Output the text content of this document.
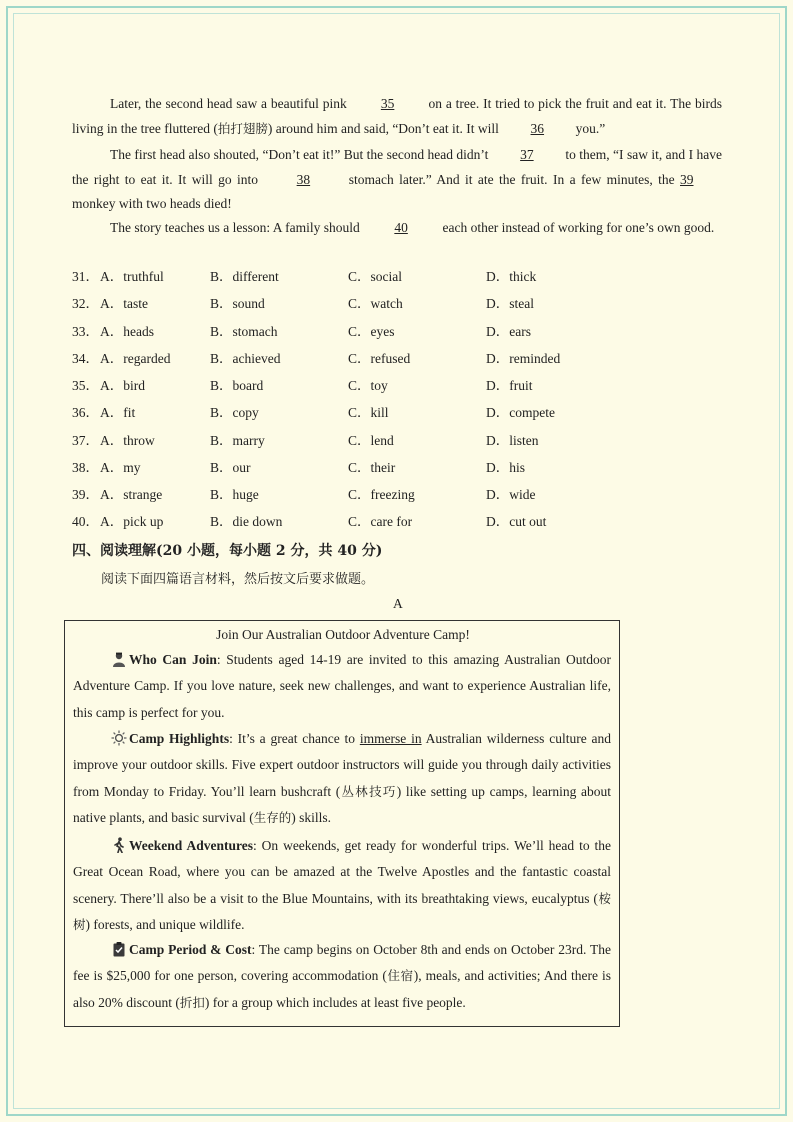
Later, the second head saw a beautiful pink	35	on a tree. It tried to pick the fruit and eat it. The birds living in the tree fluttered (拍打翅膀) around him and said, “Don’t eat it. It will 36 you.”
The first head also shouted, “Don’t eat it!” But the second head didn’t 37 to them, “I saw it, and I have the right to eat it. It will go into	38	stomach later.” And it ate the fruit. In a few minutes, the 39 monkey with two heads died!
The story teaches us a lesson: A family should	40	each other instead of working for one’s own good.
31． A．truthful	B．different	C．social	D．thick
32． A．taste	B．sound	C．watch	D．steal
33． A．heads	B．stomach	C．eyes	D．ears
34． A．regarded	B．achieved	C．refused	D．reminded
35． A．bird	B．board	C．toy	D．fruit
36． A．fit	B．copy	C．kill	D．compete
37． A．throw	B．marry	C．lend	D．listen
38． A．my	B．our	C．their	D．his
39． A．strange	B．huge	C．freezing	D．wide
40． A．pick up	B．die down	C．care for	D．cut out
四、阅读理解(20 小题，每小题 2 分，共 40 分)
阅读下面四篇语言材料，然后按文后要求做题。
A
Join Our Australian Outdoor Adventure Camp!
Who Can Join: Students aged 14-19 are invited to this amazing Australian Outdoor Adventure Camp. If you love nature, seek new challenges, and want to experience Australian life, this camp is perfect for you.
Camp Highlights: It’s a great chance to immerse in Australian wilderness culture and improve your outdoor skills. Five expert outdoor instructors will guide you through daily activities from Monday to Friday. You’ll learn bushcraft (丛林技巧) like setting up camps, learning about native plants, and basic survival (生存的) skills.
Weekend Adventures: On weekends, get ready for wonderful trips. We’ll head to the Great Ocean Road, where you can be amazed at the Twelve Apostles and the fantastic coastal scenery. There’ll also be a visit to the Blue Mountains, with its breathtaking views, eucalyptus (桉树) forests, and unique wildlife.
Camp Period & Cost: The camp begins on October 8th and ends on October 23rd. The fee is $25,000 for one person, covering accommodation (住宿), meals, and activities; And there is also 20% discount (折扣) for a group which includes at least five people.
